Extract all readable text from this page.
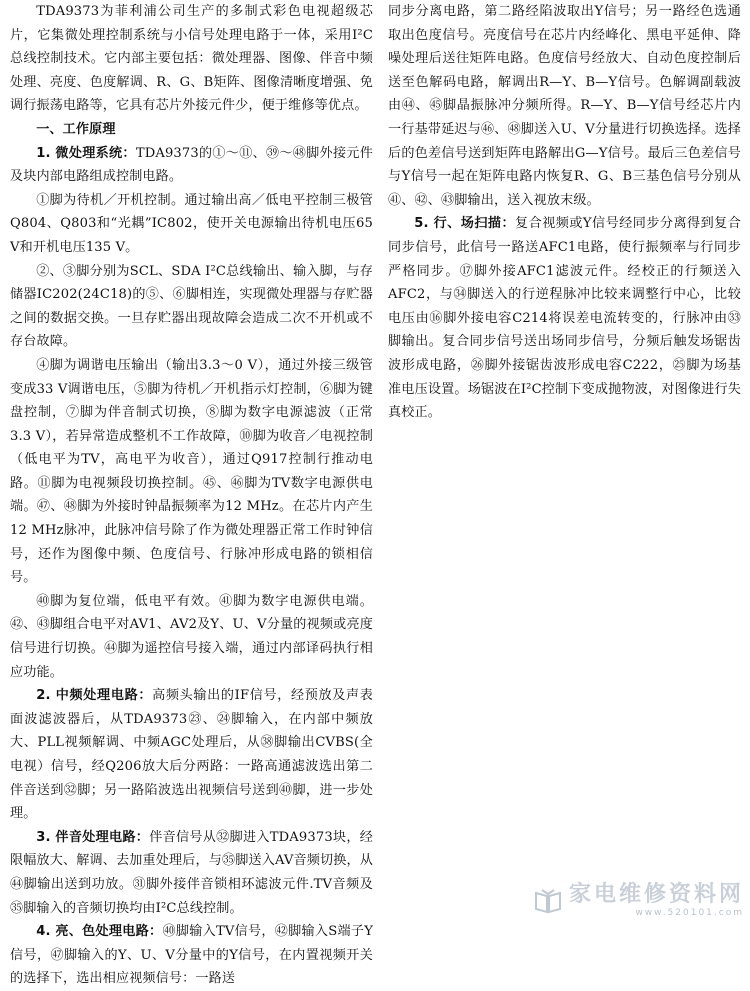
TDA9373为菲利浦公司生产的多制式彩色电视超级芯片，它集微处理控制系统与小信号处理电路于一体，采用I²C总线控制技术。它内部主要包括：微处理器、图像、伴音中频处理、亮度、色度解调、R、G、B矩阵、图像清晰度增强、免调行振荡电路等，它具有芯片外接元件少，便于维修等优点。

一、工作原理

1. 微处理系统：TDA9373的①～⑪、㊴～㊽脚外接元件及块内部电路组成控制电路。

①脚为待机／开机控制。通过输出高／低电平控制三极管Q804、Q803和“光耦”IC802，使开关电源输出待机电压65 V和开机电压135 V。

②、③脚分别为SCL、SDA I²C总线输出、输入脚，与存储器IC202(24C18)的⑤、⑥脚相连，实现微处理器与存贮器之间的数据交换。一旦存贮器出现故障会造成二次不开机或不存台故障。

④脚为调谐电压输出（输出3.3～0 V），通过外接三级管变成33 V调谐电压，⑤脚为待机／开机指示灯控制，⑥脚为键盘控制，⑦脚为伴音制式切换，⑧脚为数字电源滤波（正常3.3 V），若异常造成整机不工作故障，⑩脚为收音／电视控制（低电平为TV，高电平为收音），通过Q917控制行推动电路。⑪脚为电视频段切换控制。㊺、㊻脚为TV数字电源供电端。㊼、㊽脚为外接时钟晶振频率为12 MHz。在芯片内产生12 MHz脉冲，此脉冲信号除了作为微处理器正常工作时钟信号，还作为图像中频、色度信号、行脉冲形成电路的锁相信号。

㊵脚为复位端，低电平有效。㊶脚为数字电源供电端。㊷、㊸脚组合电平对AV1、AV2及Y、U、V分量的视频或亮度信号进行切换。㊹脚为遥控信号接入端，通过内部译码执行相应功能。

2. 中频处理电路：高频头输出的IF信号，经预放及声表面波滤波器后，从TDA9373㉓、㉔脚输入，在内部中频放大、PLL视频解调、中频AGC处理后，从㊳脚输出CVBS(全电视）信号，经Q206放大后分两路：一路高通滤波选出第二伴音送到㉜脚；另一路陷波选出视频信号送到㊵脚，进一步处理。

3. 伴音处理电路：伴音信号从㉜脚进入TDA9373块，经限幅放大、解调、去加重处理后，与㉟脚送入AV音频切换，从㊹脚输出送到功放。㉛脚外接伴音锁相环滤波元件.TV音频及㉟脚输入的音频切换均由I²C总线控制。

4. 亮、色处理电路：㊵脚输入TV信号，㊷脚输入S端子Y信号，㊼脚输入的Y、U、V分量中的Y信号，在内置视频开关的选择下，选出相应视频信号：一路送

同步分离电路，第二路经陷波取出Y信号；另一路经色选通取出色度信号。亮度信号在芯片内经峰化、黑电平延伸、降噪处理后送往矩阵电路。色度信号经放大、自动色度控制后送至色解码电路，解调出R—Y、B—Y信号。色解调副载波由㊹、㊺脚晶振脉冲分频所得。R—Y、B—Y信号经芯片内一行基带延迟与㊻、㊽脚送入U、V分量进行切换选择。选择后的色差信号送到矩阵电路解出G—Y信号。最后三色差信号与Y信号一起在矩阵电路内恢复R、G、B三基色信号分别从㊶、㊷、㊸脚输出，送入视放末级。

5. 行、场扫描：复合视频或Y信号经同步分离得到复合同步信号，此信号一路送AFC1电路，使行振频率与行同步严格同步。⑰脚外接AFC1滤波元件。经校正的行频送入AFC2，与㉞脚送入的行逆程脉冲比较来调整行中心，比较电压由⑯脚外接电容C214将误差电流转变的，行脉冲由㉝脚输出。复合同步信号送出场同步信号，分频后触发场锯齿波形成电路，㉖脚外接锯齿波形成电容C222，㉕脚为场基准电压设置。场锯波在I²C控制下变成抛物波，对图像进行失真校正。

家电维修资料网
www.520101.com
